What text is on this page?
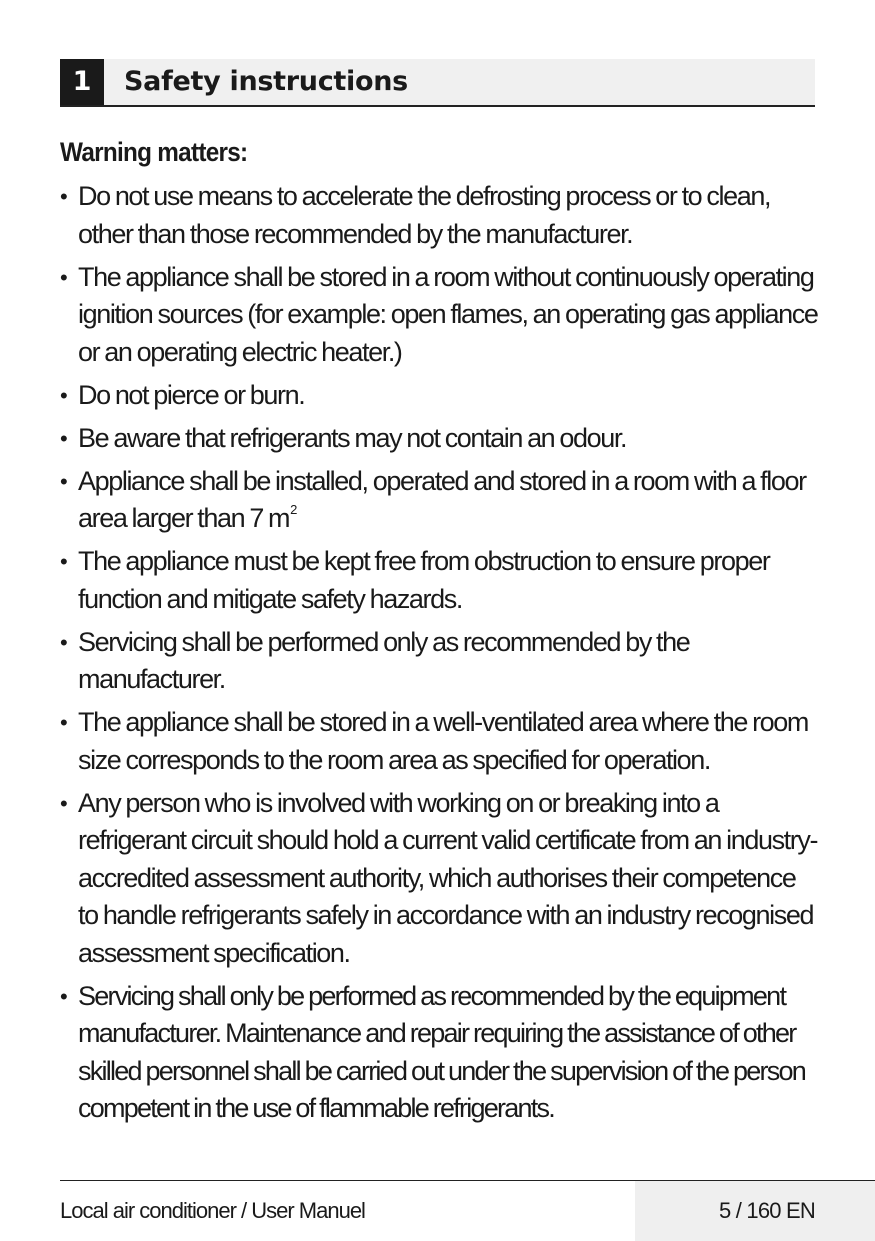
1	Safety instructions
Warning matters:
• Do not use means to accelerate the defrosting process or to clean, other than those recommended by the manufacturer.
• The appliance shall be stored in a room without continuously operating ignition sources (for example: open flames, an operating gas appliance or an operating electric heater.)
• Do not pierce or burn.
• Be aware that refrigerants may not contain an odour.
• Appliance shall be installed, operated and stored in a room with a floor area larger than 7 $m^2$
• The appliance must be kept free from obstruction to ensure proper function and mitigate safety hazards.
• Servicing shall be performed only as recommended by the manufacturer.
• The appliance shall be stored in a well-ventilated area where the room size corresponds to the room area as specified for operation.
• Any person who is involved with working on or breaking into a refrigerant circuit should hold a current valid certificate from an industry-accredited assessment authority, which authorises their competence to handle refrigerants safely in accordance with an industry recognised assessment specification.
• Servicing shall only be performed as recommended by the equipment manufacturer. Maintenance and repair requiring the assistance of other skilled personnel shall be carried out under the supervision of the person competent in the use of flammable refrigerants.
Local air conditioner / User Manuel	5 / 160 EN
